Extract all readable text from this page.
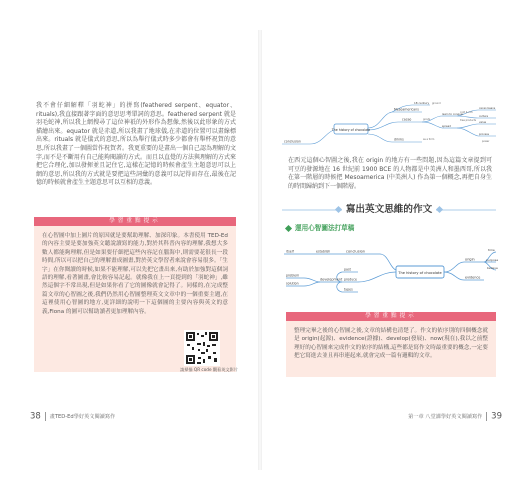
我不會仔細解釋「羽蛇神」的拼寫(feathered serpent、equator、rituals),我直接跟著字面的意思思考單詞的意思。feathered serpent 就是羽毛蛇神,所以我上網搜尋了這位神祇的外形作為想像,然後以此形象的方式描繪出來。equator 就是赤道,所以我畫了地球儀,在赤道的位置可以畫線標出來。rituals 就是儀式的意思,所以為舉行儀式時多少都會有舉杯祝賀的意思,所以我畫了一個圖當作祝賀者。我更重要的是畫出一個自己認為理解的文字,而不是不斷用有自己能夠閱讀的方式。而且以直覺的方法與理解的方式來把它合理化,加以發揮並且記住它,這樣在記憶的時候會產生主題意思可以上網的意思,所以我的方式就是要把這些詞彙的意義可以記得而存在,最後在記憶的時候就會產生主題意思可以互相的意義。

學習重點提示

在心智圖中加上圖片的原因就是要幫助理解、加深印象。本書使用 TED-Ed 的內容主要是要加強英文聽說讀寫的能力,對於其科普內容的理解,我想大多數人都能夠理解,但是如果要仔細把這些內容記在腦海中,則需要花很長一段時間,所以可以把自己的理解畫成圖畫,對於英文學習者來說會容易很多。「生字」在你閱讀的時候,如果不能理解,可以先把它畫出來,有助於加強對這個詞語的理解,看著圖畫,會比較容易記起。就像我在上一頁提到的「羽蛇神」,雖然這個字不常出現,但是如果你看了它的圖像就會記得了。同樣的,在完成整篇文章的心智圖之後,我們仍然用心智圖整理英文文章中的一個重要主題,在這裡使用心智圖的地方,更詳細的說明一下這個圖的主要內容與英文的意義,Fiona 的圖可以幫助讀者更加理解內容。

請掃描 QR code 觀看英文影片
38 畫TED-Ed學好英文閱讀寫作
The history of chocolate
conclusion
Mesoamericans
cacao
18 century
drinks
learn to conquer
spread
cacao beans
culture
value
process
ground
cold & rich
tree products
goods
as a form
power

在西元這個心智圖之後,我在 origin 的地方有一些問題,因為這篇文章提到可可豆的發源地在 16 世紀前 1900 BCE 的人物都是中美洲人和墨西哥,所以我在第一階層的時候把 Mesoamerica (中美洲人) 作為第一個概念,再把自身生的時間歸納到下一個階層。

寫出英文思維的作文
運用心智圖法打草稿
The history of chocolate
conclusion
development
origin
evidence
itself	establish
problem
solution
past
produce
types
time
purpose
believe
學習重點提示

整理完畢之後的心智圖之後,文章的結構也清楚了。作文的依序別的四個概念就是 origin(起源)、evidence(證據)、develop(發展)、now(現在),我以之前整理好的心智圖來完成作文的依序的結構,這些都是寫作文時最重要的概念,一定要把它寫進去並且再串連起來,就會完成一篇有邏輯的文章。

第一章 八堂課學好英文閱讀寫作 39
